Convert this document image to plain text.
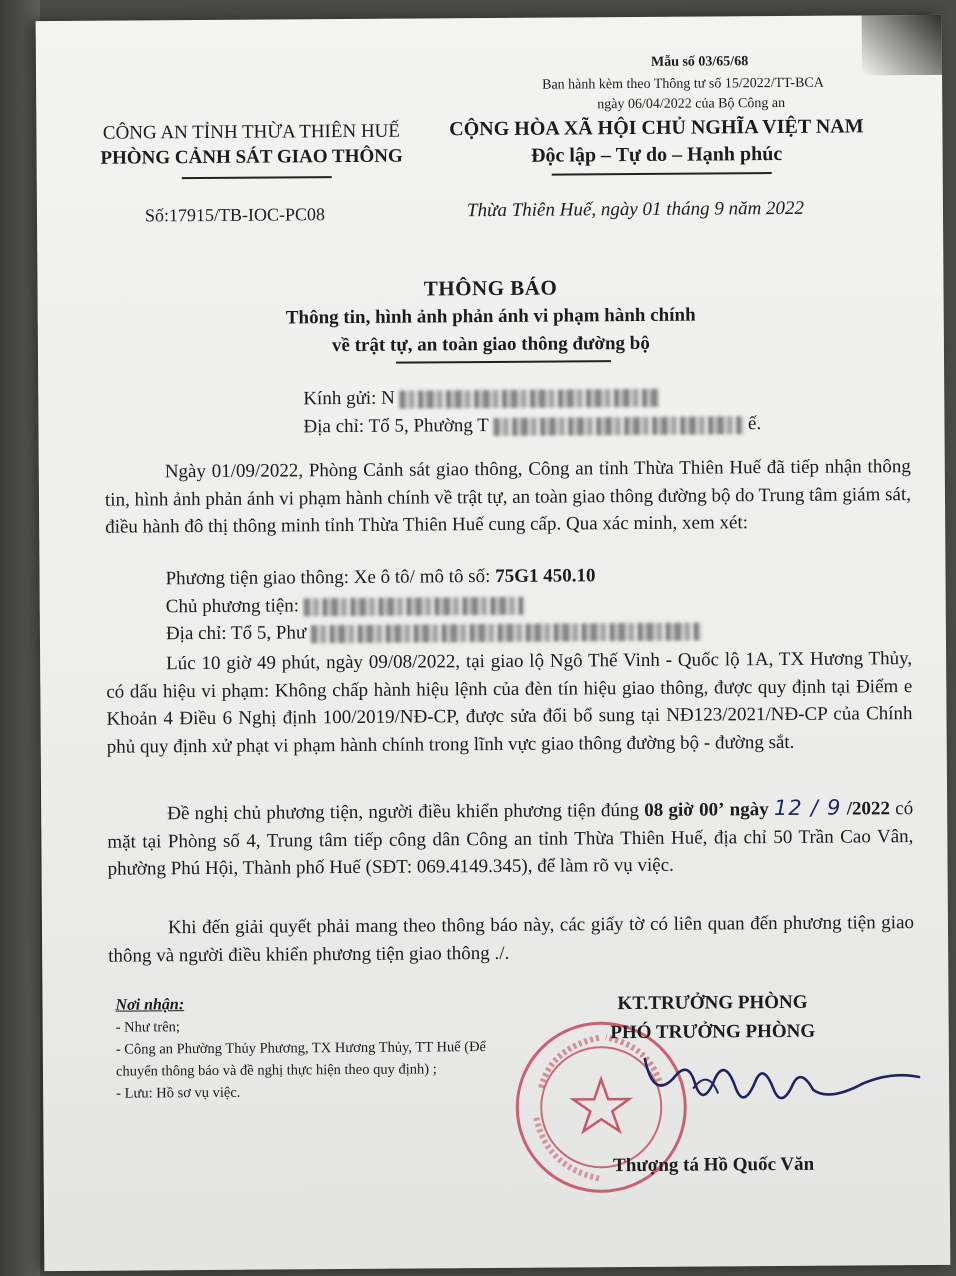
Mẫu số 03/65/68
Ban hành kèm theo Thông tư số 15/2022/TT-BCA
ngày 06/04/2022 của Bộ Công an
CÔNG AN TỈNH THỪA THIÊN HUẾ
PHÒNG CẢNH SÁT GIAO THÔNG
CỘNG HÒA XÃ HỘI CHỦ NGHĨA VIỆT NAM
Độc lập – Tự do – Hạnh phúc
Số:17915/TB-IOC-PC08	Thừa Thiên Huế, ngày 01 tháng 9 năm 2022
THÔNG BÁO
Thông tin, hình ảnh phản ánh vi phạm hành chính
về trật tự, an toàn giao thông đường bộ
Kính gửi: N
Địa chỉ: Tổ 5, Phường T	ế.
Ngày 01/09/2022, Phòng Cảnh sát giao thông, Công an tỉnh Thừa Thiên Huế đã tiếp nhận thông tin, hình ảnh phản ánh vi phạm hành chính về trật tự, an toàn giao thông đường bộ do Trung tâm giám sát, điều hành đô thị thông minh tỉnh Thừa Thiên Huế cung cấp. Qua xác minh, xem xét:
Phương tiện giao thông: Xe ô tô/ mô tô số: 75G1 450.10
Chủ phương tiện:
Địa chỉ: Tổ 5, Phư
Lúc 10 giờ 49 phút, ngày 09/08/2022, tại giao lộ Ngô Thế Vinh - Quốc lộ 1A, TX Hương Thủy, có dấu hiệu vi phạm: Không chấp hành hiệu lệnh của đèn tín hiệu giao thông, được quy định tại Điểm e Khoản 4 Điều 6 Nghị định 100/2019/NĐ-CP, được sửa đổi bổ sung tại NĐ123/2021/NĐ-CP của Chính phủ quy định xử phạt vi phạm hành chính trong lĩnh vực giao thông đường bộ - đường sắt.
Đề nghị chủ phương tiện, người điều khiển phương tiện đúng 08 giờ 00’ ngày 12 / 9 /2022 có mặt tại Phòng số 4, Trung tâm tiếp công dân Công an tỉnh Thừa Thiên Huế, địa chỉ 50 Trần Cao Vân, phường Phú Hội, Thành phố Huế (SĐT: 069.4149.345), để làm rõ vụ việc.
Khi đến giải quyết phải mang theo thông báo này, các giấy tờ có liên quan đến phương tiện giao thông và người điều khiển phương tiện giao thông ./.
Nơi nhận:
- Như trên;
- Công an Phường Thủy Phương, TX Hương Thủy, TT Huế (Để chuyển thông báo và đề nghị thực hiện theo quy định) ;
- Lưu: Hồ sơ vụ việc.
KT.TRƯỞNG PHÒNG
PHÓ TRƯỞNG PHÒNG
Thượng tá Hồ Quốc Văn
